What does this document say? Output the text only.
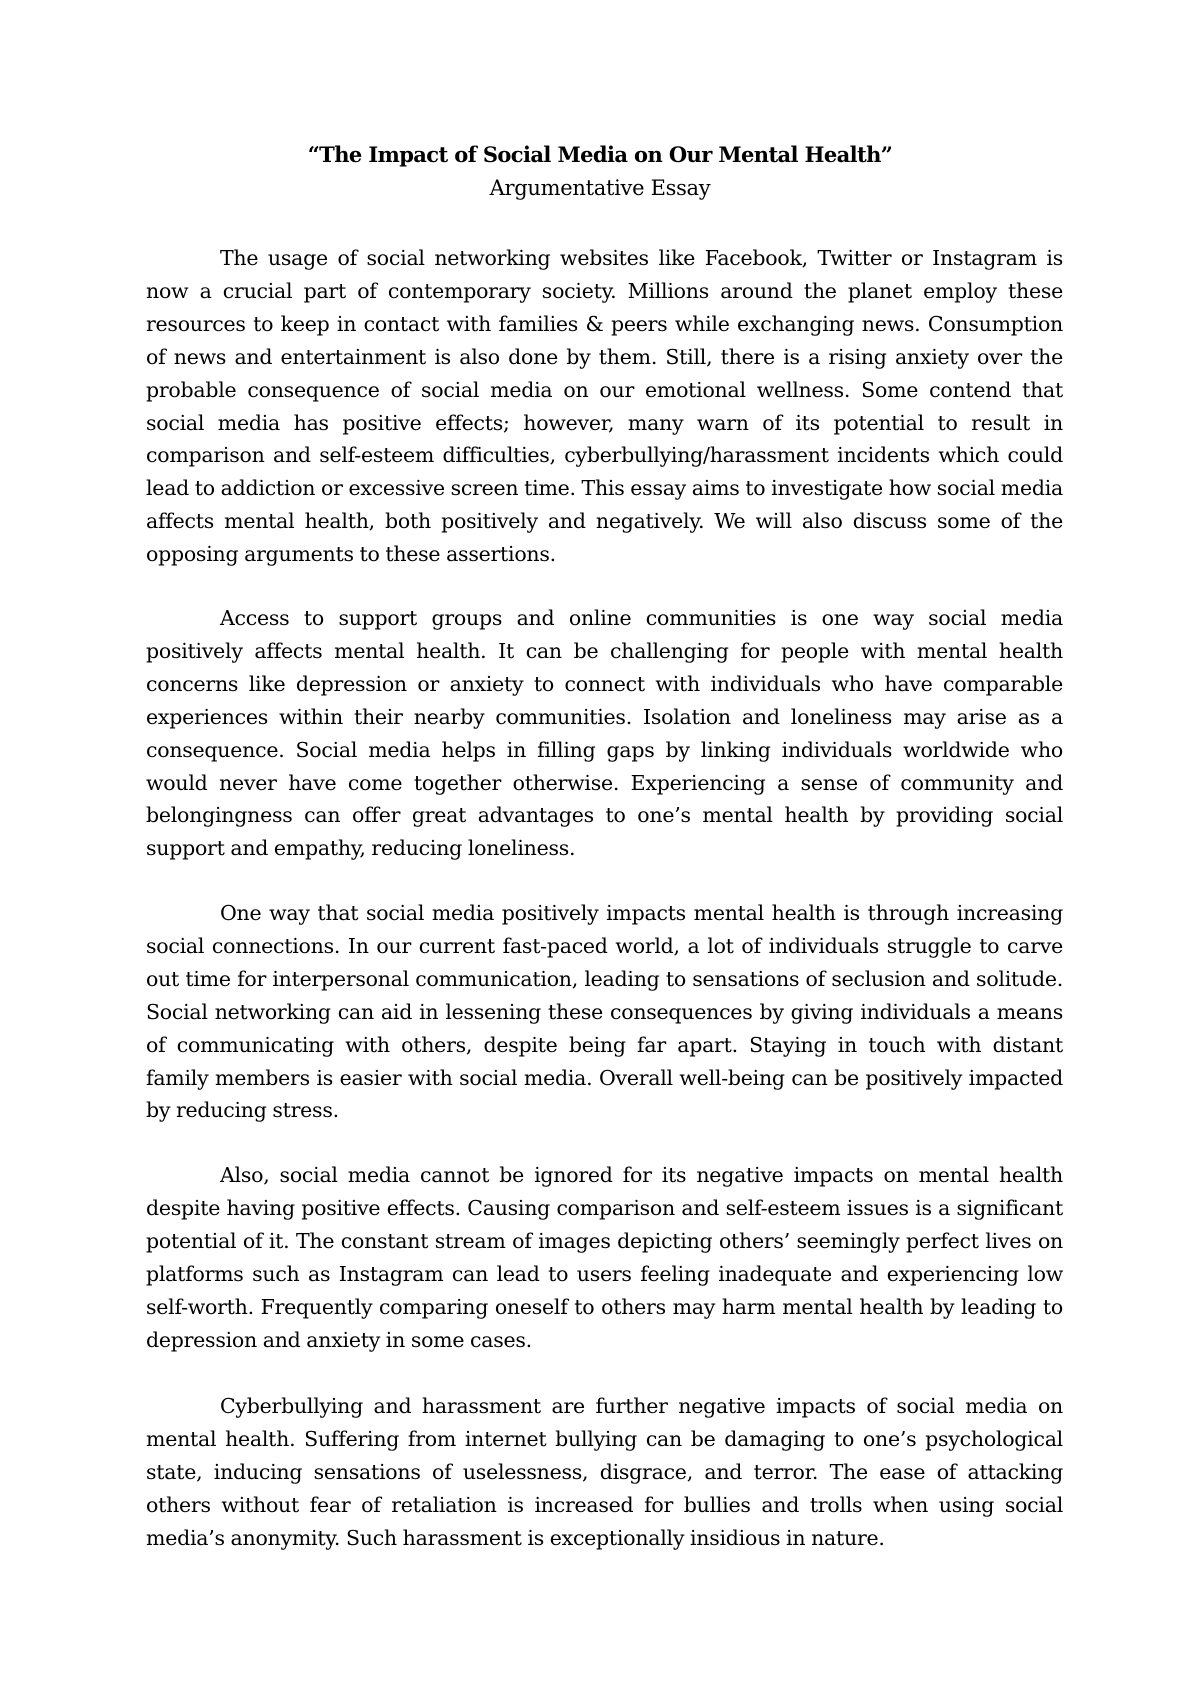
“The Impact of Social Media on Our Mental Health”
Argumentative Essay

The usage of social networking websites like Facebook, Twitter or Instagram is now a crucial part of contemporary society. Millions around the planet employ these resources to keep in contact with families & peers while exchanging news. Consumption of news and entertainment is also done by them. Still, there is a rising anxiety over the probable consequence of social media on our emotional wellness. Some contend that social media has positive effects; however, many warn of its potential to result in comparison and self-esteem difficulties, cyberbullying/harassment incidents which could lead to addiction or excessive screen time. This essay aims to investigate how social media affects mental health, both positively and negatively. We will also discuss some of the opposing arguments to these assertions.

Access to support groups and online communities is one way social media positively affects mental health. It can be challenging for people with mental health concerns like depression or anxiety to connect with individuals who have comparable experiences within their nearby communities. Isolation and loneliness may arise as a consequence. Social media helps in filling gaps by linking individuals worldwide who would never have come together otherwise. Experiencing a sense of community and belongingness can offer great advantages to one’s mental health by providing social support and empathy, reducing loneliness.

One way that social media positively impacts mental health is through increasing social connections. In our current fast-paced world, a lot of individuals struggle to carve out time for interpersonal communication, leading to sensations of seclusion and solitude. Social networking can aid in lessening these consequences by giving individuals a means of communicating with others, despite being far apart. Staying in touch with distant family members is easier with social media. Overall well-being can be positively impacted by reducing stress.

Also, social media cannot be ignored for its negative impacts on mental health despite having positive effects. Causing comparison and self-esteem issues is a significant potential of it. The constant stream of images depicting others’ seemingly perfect lives on platforms such as Instagram can lead to users feeling inadequate and experiencing low self-worth. Frequently comparing oneself to others may harm mental health by leading to depression and anxiety in some cases.

Cyberbullying and harassment are further negative impacts of social media on mental health. Suffering from internet bullying can be damaging to one’s psychological state, inducing sensations of uselessness, disgrace, and terror. The ease of attacking others without fear of retaliation is increased for bullies and trolls when using social media’s anonymity. Such harassment is exceptionally insidious in nature.
